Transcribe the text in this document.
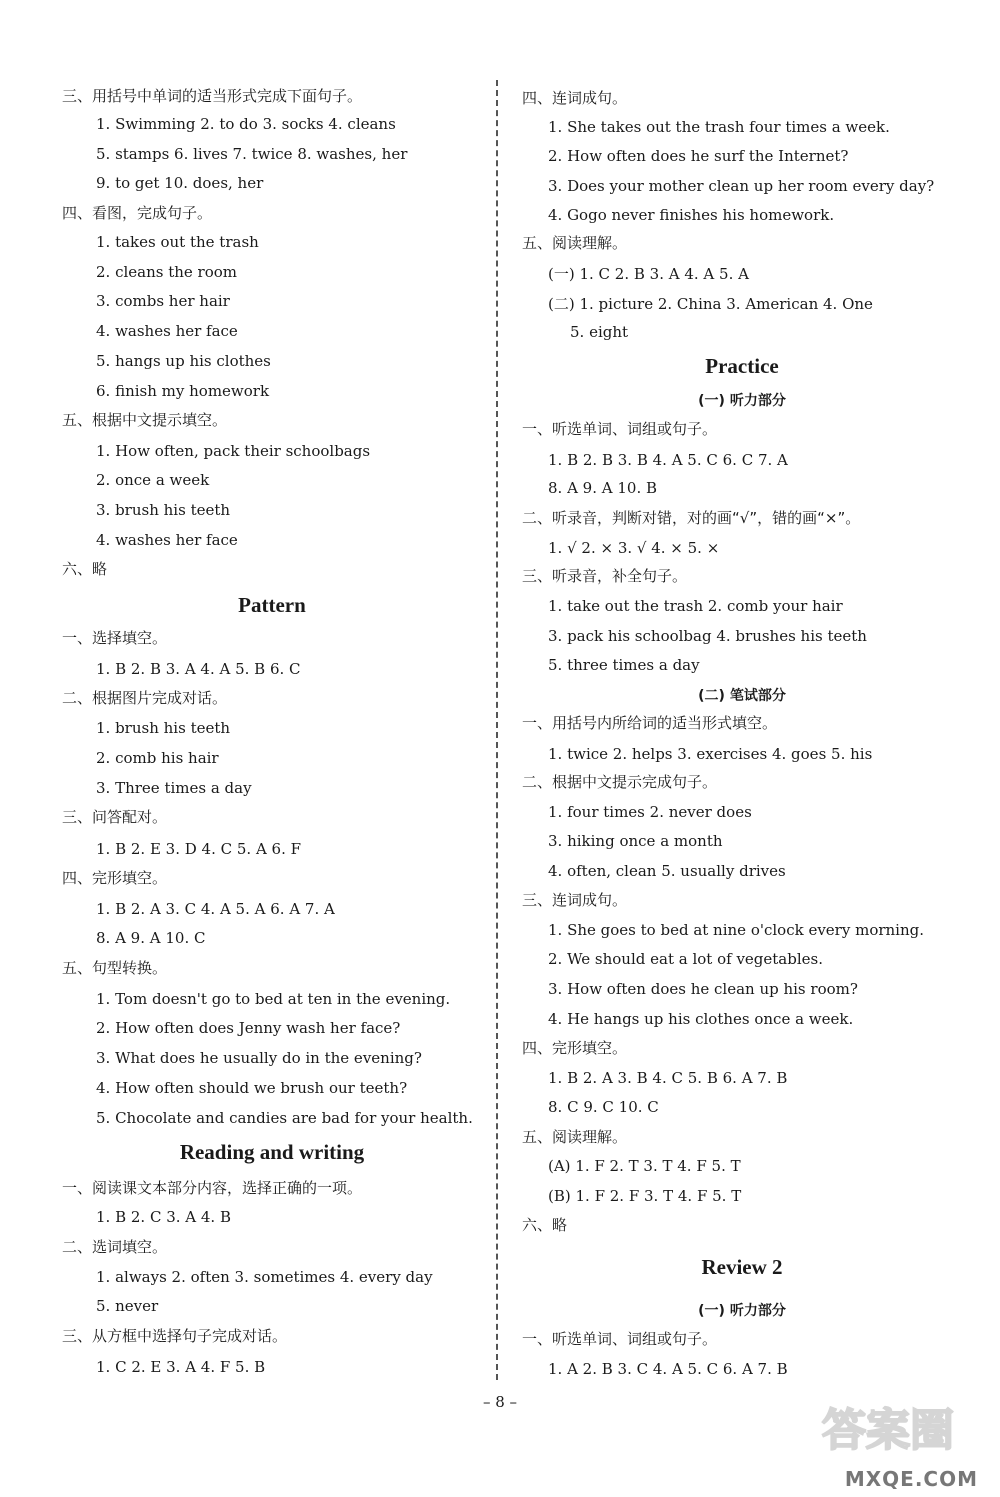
三、用括号中单词的适当形式完成下面句子。
1. Swimming 2. to do 3. socks 4. cleans
5. stamps 6. lives 7. twice 8. washes, her
9. to get 10. does, her
四、看图，完成句子。
1. takes out the trash
2. cleans the room
3. combs her hair
4. washes her face
5. hangs up his clothes
6. finish my homework
五、根据中文提示填空。
1. How often, pack their schoolbags
2. once a week
3. brush his teeth
4. washes her face
六、略
Pattern
一、选择填空。
1. B 2. B 3. A 4. A 5. B 6. C
二、根据图片完成对话。
1. brush his teeth
2. comb his hair
3. Three times a day
三、问答配对。
1. B 2. E 3. D 4. C 5. A 6. F
四、完形填空。
1. B 2. A 3. C 4. A 5. A 6. A 7. A
8. A 9. A 10. C
五、句型转换。
1. Tom doesn't go to bed at ten in the evening.
2. How often does Jenny wash her face?
3. What does he usually do in the evening?
4. How often should we brush our teeth?
5. Chocolate and candies are bad for your health.
Reading and writing
一、阅读课文本部分内容，选择正确的一项。
1. B 2. C 3. A 4. B
二、选词填空。
1. always 2. often 3. sometimes 4. every day
5. never
三、从方框中选择句子完成对话。
1. C 2. E 3. A 4. F 5. B
四、连词成句。
1. She takes out the trash four times a week.
2. How often does he surf the Internet?
3. Does your mother clean up her room every day?
4. Gogo never finishes his homework.
五、阅读理解。
(一) 1. C 2. B 3. A 4. A 5. A
(二) 1. picture 2. China 3. American 4. One
5. eight
Practice
(一) 听力部分
一、听选单词、词组或句子。
1. B 2. B 3. B 4. A 5. C 6. C 7. A
8. A 9. A 10. B
二、听录音，判断对错，对的画“√”，错的画“×”。
1. √ 2. × 3. √ 4. × 5. ×
三、听录音，补全句子。
1. take out the trash 2. comb your hair
3. pack his schoolbag 4. brushes his teeth
5. three times a day
(二) 笔试部分
一、用括号内所给词的适当形式填空。
1. twice 2. helps 3. exercises 4. goes 5. his
二、根据中文提示完成句子。
1. four times 2. never does
3. hiking once a month
4. often, clean 5. usually drives
三、连词成句。
1. She goes to bed at nine o'clock every morning.
2. We should eat a lot of vegetables.
3. How often does he clean up his room?
4. He hangs up his clothes once a week.
四、完形填空。
1. B 2. A 3. B 4. C 5. B 6. A 7. B
8. C 9. C 10. C
五、阅读理解。
(A) 1. F 2. T 3. T 4. F 5. T
(B) 1. F 2. F 3. T 4. F 5. T
六、略
Review 2
(一) 听力部分
一、听选单词、词组或句子。
1. A 2. B 3. C 4. A 5. C 6. A 7. B
– 8 –
答案圈
MXQE.COM
